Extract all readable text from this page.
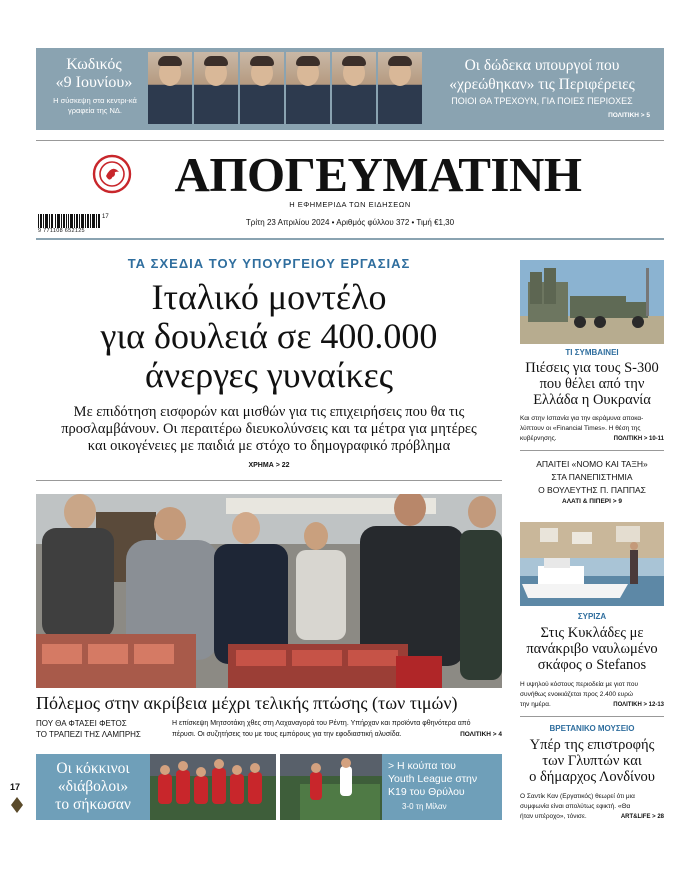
Κωδικός
«9 Ιουνίου»
Η σύσκεψη στα κεντρι-κά γραφεία της ΝΔ.
Οι δώδεκα υπουργοί που
«χρεώθηκαν» τις Περιφέρειες
ΠΟΙΟΙ ΘΑ ΤΡΕΧΟΥΝ, ΓΙΑ ΠΟΙΕΣ ΠΕΡΙΟΧΕΣ
ΠΟΛΙΤΙΚΗ > 5
ΑΠΟΓΕΥΜΑΤΙΝΗ
Η ΕΦΗΜΕΡΙΔΑ ΤΩΝ ΕΙΔΗΣΕΩΝ
9 771108 652125
17
Τρίτη 23 Απριλίου 2024 • Αριθμός φύλλου 372 • Τιμή €1,30
ΤΑ ΣΧΕΔΙΑ ΤΟΥ ΥΠΟΥΡΓΕΙΟΥ ΕΡΓΑΣΙΑΣ
Ιταλικό μοντέλο
για δουλειά σε 400.000
άνεργες γυναίκες
Με επιδότηση εισφορών και μισθών για τις επιχειρήσεις που θα τις
προσλαμβάνουν. Οι περαιτέρω διευκολύνσεις και τα μέτρα για μητέρες
και οικογένειες με παιδιά με στόχο το δημογραφικό πρόβλημα
ΧΡΗΜΑ > 22
Πόλεμος στην ακρίβεια μέχρι τελικής πτώσης (των τιμών)
ΠΟΥ ΘΑ ΦΤΑΣΕΙ ΦΕΤΟΣ
ΤΟ ΤΡΑΠΕΖΙ ΤΗΣ ΛΑΜΠΡΗΣ
Η επίσκεψη Μητσοτάκη χθες στη Λαχαναγορά του Ρέντη. Υπήρχαν και προϊόντα φθηνότερα από
πέρυσι. Οι συζητήσεις του με τους εμπόρους για την εφοδιαστική αλυσίδα.	ΠΟΛΙΤΙΚΗ > 4
17
Οι κόκκινοι
«διάβολοι»
το σήκωσαν
> Η κούπα του
Youth League στην
Κ19 του Θρύλου
3-0 τη Μίλαν
ΤΙ ΣΥΜΒΑΙΝΕΙ
Πιέσεις για τους S-300
που θέλει από την
Ελλάδα η Ουκρανία
Και στην Ισπανία για την αεράμυνα αποκα-
λύπτουν οι «Financial Times». Η θέση της
κυβέρνησης.	ΠΟΛΙΤΙΚΗ > 10-11
ΑΠΑΙΤΕΙ «ΝΟΜΟ ΚΑΙ ΤΑΞΗ»
ΣΤΑ ΠΑΝΕΠΙΣΤΗΜΙΑ
Ο ΒΟΥΛΕΥΤΗΣ Π. ΠΑΠΠΑΣ
ΑΛΑΤΙ & ΠΙΠΕΡΙ > 9
ΣΥΡΙΖΑ
Στις Κυκλάδες με
πανάκριβο ναυλωμένο
σκάφος ο Stefanos
Η υψηλού κόστους περιοδεία με γιοτ που
συνήθως ενοικιάζεται προς 2.400 ευρώ
την ημέρα.	ΠΟΛΙΤΙΚΗ > 12-13
ΒΡΕΤΑΝΙΚΟ ΜΟΥΣΕΙΟ
Υπέρ της επιστροφής
των Γλυπτών και
ο δήμαρχος Λονδίνου
Ο Σαντίκ Καν (Εργατικός) θεωρεί ότι μια
συμφωνία είναι απολύτως εφικτή. «Θα
ήταν υπέροχο», τόνισε.	ART&LIFE > 28
